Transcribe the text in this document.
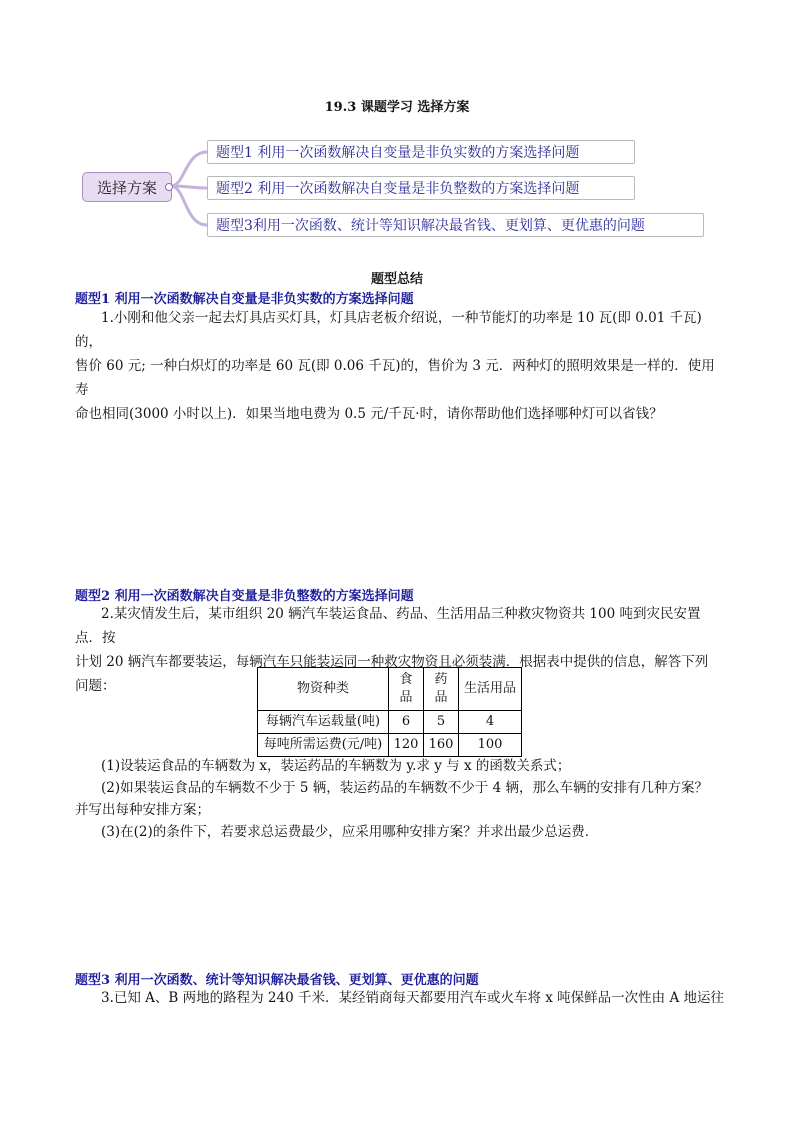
19.3 课题学习 选择方案
选择方案
题型1 利用一次函数解决自变量是非负实数的方案选择问题
题型2 利用一次函数解决自变量是非负整数的方案选择问题
题型3利用一次函数、统计等知识解决最省钱、更划算、更优惠的问题
题型总结
题型1 利用一次函数解决自变量是非负实数的方案选择问题
1.小刚和他父亲一起去灯具店买灯具，灯具店老板介绍说，一种节能灯的功率是 10 瓦(即 0.01 千瓦)的，
售价 60 元; 一种白炽灯的功率是 60 瓦(即 0.06 千瓦)的，售价为 3 元．两种灯的照明效果是一样的．使用寿
命也相同(3000 小时以上)．如果当地电费为 0.5 元/千瓦·时，请你帮助他们选择哪种灯可以省钱？
题型2 利用一次函数解决自变量是非负整数的方案选择问题
2.某灾情发生后，某市组织 20 辆汽车装运食品、药品、生活用品三种救灾物资共 100 吨到灾民安置点．按
计划 20 辆汽车都要装运，每辆汽车只能装运同一种救灾物资且必须装满．根据表中提供的信息，解答下列
问题：	物资种类	食品	药品	生活用品
每辆汽车运载量(吨)	6	5	4
每吨所需运费(元/吨)	120	160	100
(1)设装运食品的车辆数为 x，装运药品的车辆数为 y.求 y 与 x 的函数关系式；
(2)如果装运食品的车辆数不少于 5 辆，装运药品的车辆数不少于 4 辆，那么车辆的安排有几种方案？
并写出每种安排方案；
(3)在(2)的条件下，若要求总运费最少，应采用哪种安排方案？并求出最少总运费．
题型3 利用一次函数、统计等知识解决最省钱、更划算、更优惠的问题
3.已知 A、B 两地的路程为 240 千米．某经销商每天都要用汽车或火车将 x 吨保鲜品一次性由 A 地运往
